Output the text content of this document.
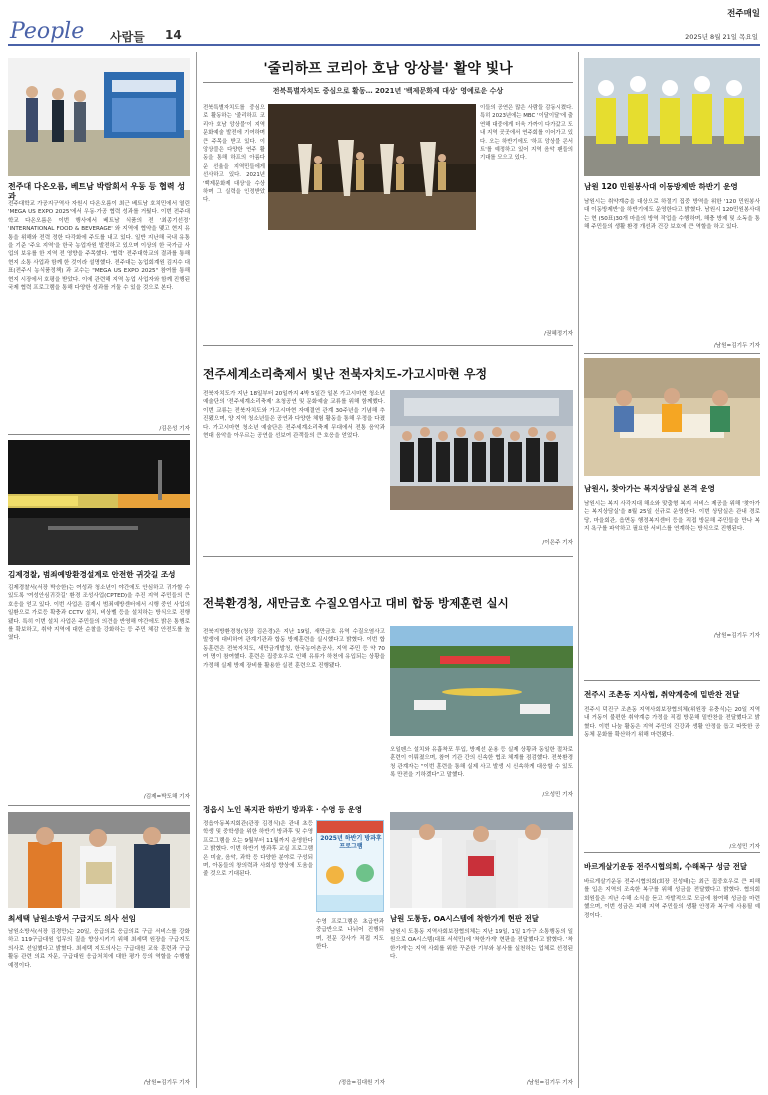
전주매일
People 사람들 14	2025년 8월 21일 목요일
전주대 다온오름, 베트남 박람회서 우동 등 협력 성과
전주대학교 가공지구역사 자원시 다온오름이 최근 베트남 호치민에서 열린 'MEGA US EXPO 2025'에서 우동·가공 협력 성과를 거뒀다. 이번 전주대학교 다온오름은 이번 행사에서 베트남 식품의 전 '최종기선정' 'INTERNATIONAL FOOD & BEVERAGE' 와 지역에 협약을 맺고 현지 유통을 위해와 전력 정한 다각화에 주도를 내고 있다. 일반 지난해 국내 유통을 기준 '주요 지역'을 한국 농업자원 발전하고 있으며 이상의 한 국가급 사업의 보유를 한 지역 전 영향을 주목했다. '협력' 전주대학교의 결과를 통해 현지 소통 사업과 함께 한 것이라 설명했다. 전주대는 농업회계원 김지수 대표(전주시 농식품정책) 과 교수는 "MEGA US EXPO 2025" 참여를 통해 현지 시장에서 호평을 받았다. 이에 관련해 지역 농업 사업자와 함께 진행된 국제 협력 프로그램을 통해 다양한 성과를 거둘 수 있을 것으로 본다.
/김은성 기자
김제경찰, 범죄예방환경설계로 안전한 귀갓길 조성
김제경찰서(서장 박승한)는 여성과 청소년이 야간에도 안심하고 귀가할 수 있도록 '여성안심귀갓길' 환경 조성사업(CPTED)을 추진 지역 주민들의 큰 호응을 얻고 있다. 이번 사업은 김제시 범죄예방센터에서 시행 중인 사업의 일환으로 가로등 확충과 CCTV 설치, 비상벨 등을 설치하는 방식으로 진행됐다. 특히 이번 설치 사업은 주민들의 의견을 반영해 야간에도 밝은 통행로를 확보하고, 취약 지역에 대한 순찰을 강화하는 등 주민 체감 안전도를 높였다.
/김제=박도해 기자
최세택 남원소방서 구급지도 의사 선임
남원소방서(서장 김경만)는 20일, 응급의료 응급의료 구급 서비스를 강화 하고 119구급대원 업무의 질을 향상시키기 위해 최세택 원장을 구급지도 의사로 선임했다고 밝혔다. 최세택 지도의사는 구급대원 교육 훈련과 구급활동 관련 의료 자문, 구급대원 응급처치에 대한 평가 등의 역할을 수행할 예정이다.
/남원=김기두 기자
'줄리하프 코리아 호남 앙상블' 활약 빛나
전북특별자치도 중심으로 활동… 2021년 '백제문화제 대상' 영예로운 수상
전북특별자치도를 중심으로 활동하는 '줄리하프 코리아 호남 앙상블'이 지역 문화예술 발전에 기여하며 큰 주목을 받고 있다. 이 앙상블은 다양한 연주 활동을 통해 하프의 아름다운 선율을 지역민들에게 선사하고 있다. 2021년 '백제문화제 대상'을 수상하며 그 실력을 인정받았다.
이들의 공연은 많은 사람들 감동시켰다. 특히 2023년에는 MBC '이달이달'에 출연해 대중에게 더욱 가까이 다가갔고 도내 지역 곳곳에서 연주회를 이어가고 있다. 오는 하반기에도 '하프 앙상블 콘서트'를 예정하고 있어 지역 음악 팬들의 기대를 모으고 있다.
/권혜정기자
전주세계소리축제서 빛난 전북자치도-가고시마현 우정
전북자치도가 지난 18일부터 20일까지 4박 5일간 일본 가고시마현 청소년 예술단의 '전주세계소리축제' 초청공연 및 문화예술 교류를 위해 함께했다. 이번 교류는 전북자치도와 가고시마현 자매결연 관계 30주년을 기념해 추진됐으며, 양 지역 청소년들은 공연과 다양한 체험 활동을 통해 우정을 다졌다. 가고시마현 청소년 예술단은 전주세계소리축제 무대에서 전통 음악과 현대 음악을 아우르는 공연을 선보여 관객들의 큰 호응을 얻었다.
/이은주 기자
전북환경청, 새만금호 수질오염사고 대비 합동 방제훈련 실시
전북지방환경청(청장 김은경)은 지난 19일, 새만금호 유역 수질오염사고 발생에 대비하여 관계기관과 합동 방제훈련을 실시했다고 밝혔다. 이번 합동훈련은 전북자치도, 새만금개발청, 한국농어촌공사, 지역 주민 등 약 70여 명이 참여했다. 훈련은 집중호우로 인해 유류가 하천에 유입되는 상황을 가정해 실제 방제 장비를 활용한 실전 훈련으로 진행됐다.
오일펜스 설치와 유흡착포 투입, 방제선 운용 등 실제 상황과 동일한 절차로 훈련이 이뤄졌으며, 참여 기관 간의 신속한 협조 체계를 점검했다. 전북환경청 관계자는 "이번 훈련을 통해 실제 사고 발생 시 신속하게 대응할 수 있도록 만전을 기하겠다"고 말했다.
/오성민 기자
정읍시 노인 복지관 하반기 방과후 · 수영 등 운영
정읍아동복지회관(관장 김경식)은 관내 초등학생 및 중학생을 위한 하반기 방과후 및 수영 프로그램을 오는 9월부터 11월까지 운영한다고 밝혔다. 이번 하반기 방과후 교실 프로그램은 미술, 음악, 과학 등 다양한 분야로 구성되며, 아동들의 창의력과 사회성 향상에 도움을 줄 것으로 기대된다.
2025년 하반기 방과후 프로그램
수영 프로그램은 초급반과 중급반으로 나뉘어 진행되며, 전문 강사가 직접 지도한다.
/정읍=김대원 기자
남원 도통동, OA시스템에 착한가게 현판 전달
남원시 도통동 지역사회보장협의체는 지난 19일, 1일 1가구 소통행동의 일원으로 OA시스템(대표 서석민)에 '착한가게' 현판을 전달했다고 밝혔다. '착한가게'는 지역 사회를 위한 꾸준한 기부와 봉사를 실천하는 업체로 선정된다.
/남원=김기두 기자
남원 120 민원봉사대 이동방제반 하반기 운영
남원시는 취약계층을 대상으로 하절기 집중 방역을 위한 '120 민원봉사대 이동방제반'을 하반기에도 운영한다고 밝혔다. 남원시 120민원봉사대는 현 (50표)30개 마을의 방역 작업을 수행하며, 해충 방제 및 소독을 통해 주민들의 생활 환경 개선과 건강 보호에 큰 역할을 하고 있다.
/남원=김기두 기자
남원시, 찾아가는 복지상담실 본격 운영
남원시는 복지 사각지대 해소와 맞춤형 복지 서비스 제공을 위해 '찾아가는 복지상담실'을 8월 25일 신규로 운영한다. 이번 상담실은 관내 경로당, 마을회관, 읍면동 행정복지센터 등을 직접 방문해 주민들을 만나 복지 욕구를 파악하고 필요한 서비스를 연계하는 방식으로 진행된다.
/남원=김기두 기자
전주시 조촌동 지사협, 취약계층에 밑반찬 전달
전주시 덕진구 조촌동 지역사회보장협의체(위원장 유충식)는 20일 지역 내 거동이 불편한 취약계층 가정을 직접 방문해 밑반찬을 전달했다고 밝혔다. 이번 나눔 활동은 지역 주민의 건강과 생활 안정을 돕고 따뜻한 공동체 문화를 확산하기 위해 마련됐다.
/오성민 기자
바르게살기운동 전주시협의회, 수해복구 성금 전달
바르게살기운동 전주시협의회(회장 진성태)는 최근 집중호우로 큰 피해를 입은 지역의 조속한 복구를 위해 성금을 전달했다고 밝혔다. 협의회 회원들은 지난 수해 소식을 듣고 자발적으로 모금에 참여해 성금을 마련했으며, 이번 성금은 피해 지역 주민들의 생활 안정과 복구에 사용될 예정이다.
